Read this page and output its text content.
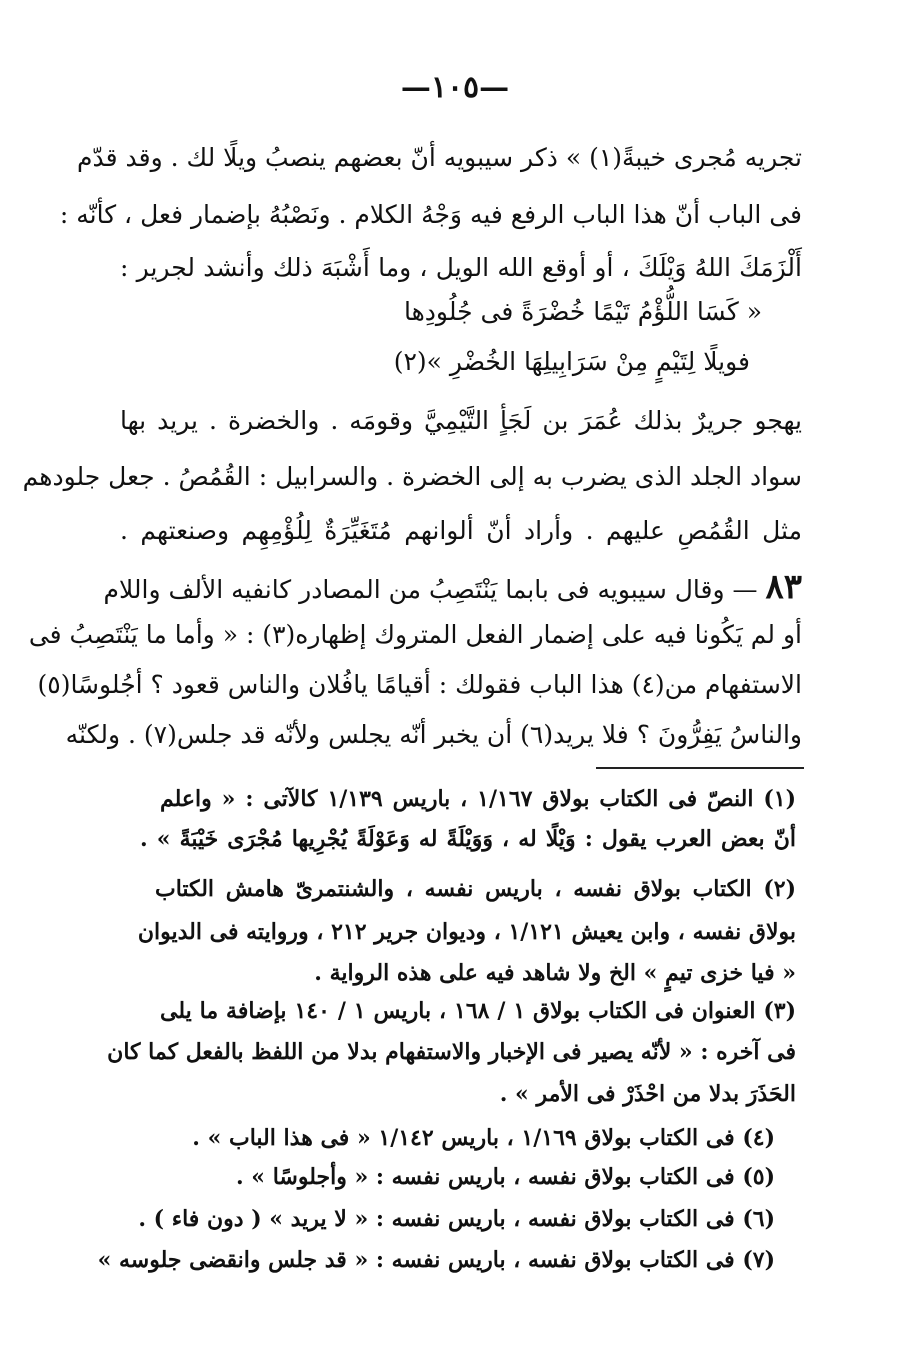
—١٠٥—
تجريه مُجرى خيبةً(١) » ذكر سيبويه أنّ بعضهم ينصبُ ويلًا لك . وقد قدّم
فى الباب أنّ هذا الباب الرفع فيه وَجْهُ الكلام . ونَصْبُهُ بإضمار فعل ، كأنّه :
أَلْزَمَكَ اللهُ وَيْلَكَ ، أو أوقع الله الويل ، وما أَشْبَهَ ذلك وأنشد لجرير :
« كَسَا اللُّؤْمُ تَيْمًا خُضْرَةً فى جُلُودِها
فويلًا لِتَيْمٍ مِنْ سَرَابِيلِهَا الخُضْرِ »(٢)
يهجو جريرٌ بذلك عُمَرَ بن لَجَأٍ التَّيْمِيَّ وقومَه . والخضرة . يريد بها
سواد الجلد الذى يضرب به إلى الخضرة . والسرابيل : القُمُصُ . جعل جلودهم
مثل القُمُصِ عليهم . وأراد أنّ ألوانهم مُتَغَيِّرَةٌ لِلُؤْمِهِم وصنعتهم .
٨٣ — وقال سيبويه فى بابما يَنْتَصِبُ من المصادر كانفيه الألف واللام
أو لم يَكُونا فيه على إضمار الفعل المتروك إظهاره(٣) : « وأما ما يَنْتَصِبُ فى
الاستفهام من(٤) هذا الباب فقولك : أقيامًا يافُلان والناس قعود ؟ أجُلوسًا(٥)
والناسُ يَفِرُّونَ ؟ فلا يريد(٦) أن يخبر أنّه يجلس ولأنّه قد جلس(٧) . ولكنّه
(١) النصّ فى الكتاب بولاق ١/١٦٧ ، باريس ١/١٣٩ كالآتى : « واعلم
أنّ بعض العرب يقول : وَيْلًا له ، وَوَيْلَةً له وَعَوْلَةً يُجْرِيها مُجْرَى خَيْبَةً » .
(٢) الكتاب بولاق نفسه ، باريس نفسه ، والشنتمرىّ هامش الكتاب
بولاق نفسه ، وابن يعيش ١/١٢١ ، وديوان جرير ٢١٢ ، وروايته فى الديوان
« فيا خزى تيمٍ » الخ ولا شاهد فيه على هذه الرواية .
(٣) العنوان فى الكتاب بولاق ١ / ١٦٨ ، باريس ١ / ١٤٠ بإضافة ما يلى
فى آخره : « لأنّه يصير فى الإخبار والاستفهام بدلا من اللفظ بالفعل كما كان
الحَذَرَ بدلا من احْذَرْ فى الأمر » .
(٤) فى الكتاب بولاق ١/١٦٩ ، باريس ١/١٤٢ « فى هذا الباب » .
(٥) فى الكتاب بولاق نفسه ، باريس نفسه : « وأجلوسًا » .
(٦) فى الكتاب بولاق نفسه ، باريس نفسه : « لا يريد » ( دون فاء ) .
(٧) فى الكتاب بولاق نفسه ، باريس نفسه : « قد جلس وانقضى جلوسه »
